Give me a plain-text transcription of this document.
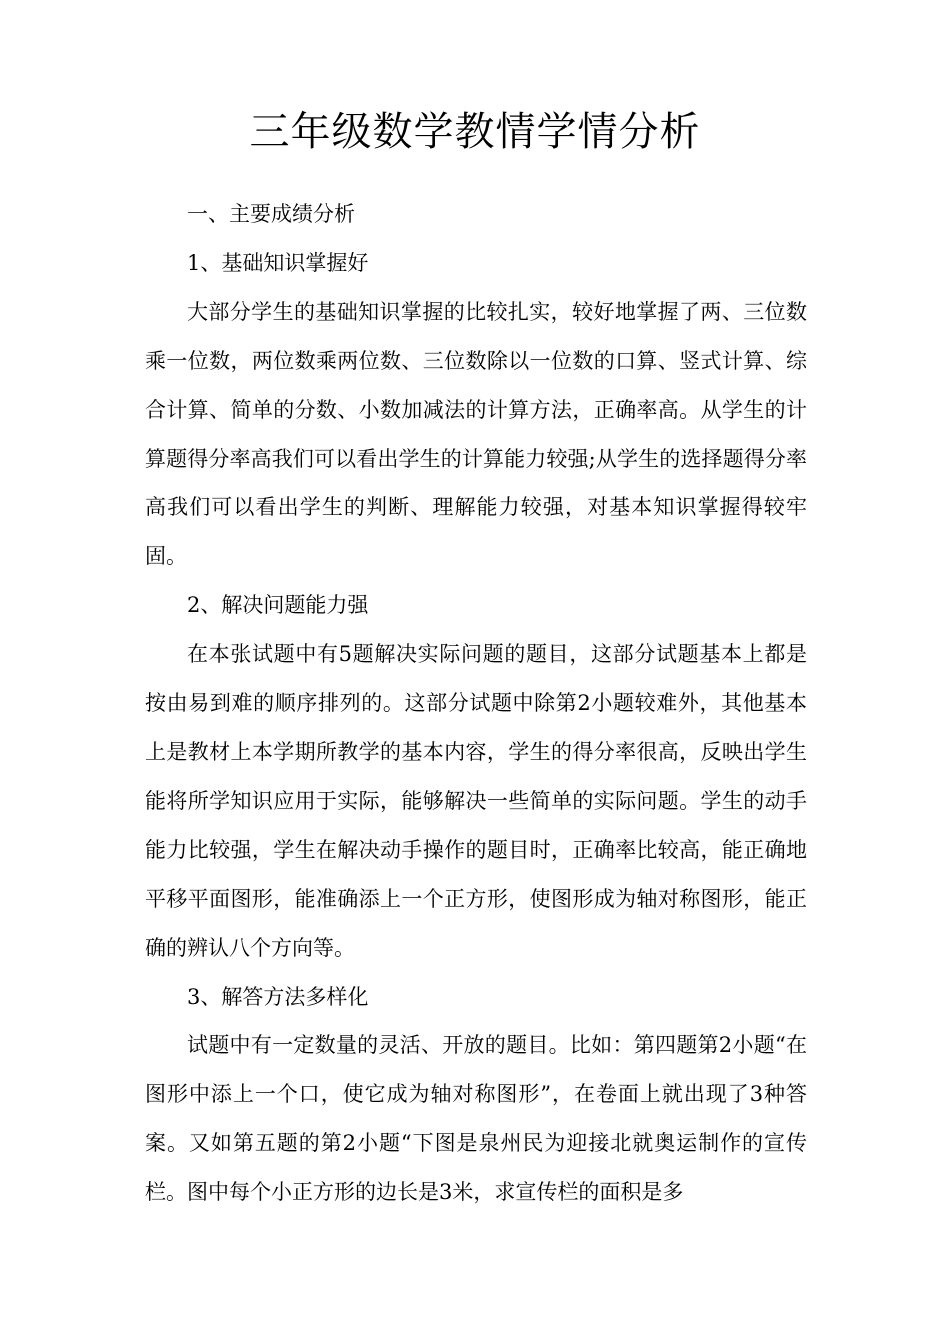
三年级数学教情学情分析

一、主要成绩分析

1、基础知识掌握好

大部分学生的基础知识掌握的比较扎实，较好地掌握了两、三位数乘一位数，两位数乘两位数、三位数除以一位数的口算、竖式计算、综合计算、简单的分数、小数加减法的计算方法，正确率高。从学生的计算题得分率高我们可以看出学生的计算能力较强;从学生的选择题得分率高我们可以看出学生的判断、理解能力较强，对基本知识掌握得较牢固。

2、解决问题能力强

在本张试题中有5题解决实际问题的题目，这部分试题基本上都是按由易到难的顺序排列的。这部分试题中除第2小题较难外，其他基本上是教材上本学期所教学的基本内容，学生的得分率很高，反映出学生能将所学知识应用于实际，能够解决一些简单的实际问题。学生的动手能力比较强，学生在解决动手操作的题目时，正确率比较高，能正确地平移平面图形，能准确添上一个正方形，使图形成为轴对称图形，能正确的辨认八个方向等。

3、解答方法多样化

试题中有一定数量的灵活、开放的题目。比如：第四题第2小题“在图形中添上一个口，使它成为轴对称图形”，在卷面上就出现了3种答案。又如第五题的第2小题“下图是泉州民为迎接北就奥运制作的宣传栏。图中每个小正方形的边长是3米，求宣传栏的面积是多
